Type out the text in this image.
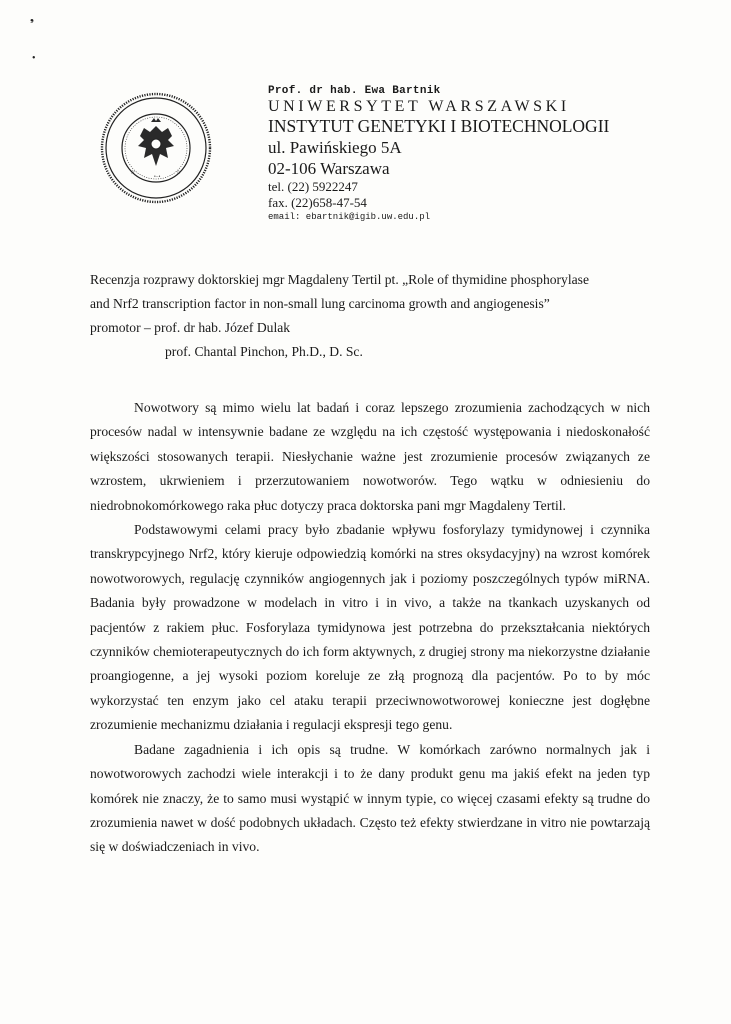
❟
•
☆	☆
•−•
Prof. dr hab. Ewa Bartnik
UNIWERSYTET WARSZAWSKI
INSTYTUT GENETYKI I BIOTECHNOLOGII
ul. Pawińskiego 5A
02-106 Warszawa
tel. (22) 5922247
fax. (22)658-47-54
email: ebartnik@igib.uw.edu.pl
Recenzja rozprawy doktorskiej mgr Magdaleny Tertil pt. „Role of thymidine phosphorylase
and Nrf2 transcription factor in non-small lung carcinoma growth and angiogenesis”
promotor – prof. dr hab. Józef Dulak
prof. Chantal Pinchon, Ph.D., D. Sc.

Nowotwory są mimo wielu lat badań i coraz lepszego zrozumienia zachodzących w nich procesów nadal w intensywnie badane ze względu na ich częstość występowania i niedoskonałość większości stosowanych terapii. Niesłychanie ważne jest zrozumienie procesów związanych ze wzrostem, ukrwieniem i przerzutowaniem nowotworów. Tego wątku w odniesieniu do niedrobnokomórkowego raka płuc dotyczy praca doktorska pani mgr Magdaleny Tertil.

Podstawowymi celami pracy było zbadanie wpływu fosforylazy tymidynowej i czynnika transkrypcyjnego Nrf2, który kieruje odpowiedzią komórki na stres oksydacyjny) na wzrost komórek nowotworowych, regulację czynników angiogennych jak i poziomy poszczególnych typów miRNA. Badania były prowadzone w modelach in vitro i in vivo, a także na tkankach uzyskanych od pacjentów z rakiem płuc. Fosforylaza tymidynowa jest potrzebna do przekształcania niektórych czynników chemioterapeutycznych do ich form aktywnych, z drugiej strony ma niekorzystne działanie proangiogenne, a jej wysoki poziom koreluje ze złą prognozą dla pacjentów. Po to by móc wykorzystać ten enzym jako cel ataku terapii przeciwnowotworowej konieczne jest dogłębne zrozumienie mechanizmu działania i regulacji ekspresji tego genu.

Badane zagadnienia i ich opis są trudne. W komórkach zarówno normalnych jak i nowotworowych zachodzi wiele interakcji i to że dany produkt genu ma jakiś efekt na jeden typ komórek nie znaczy, że to samo musi wystąpić w innym typie, co więcej czasami efekty są trudne do zrozumienia nawet w dość podobnych układach. Często też efekty stwierdzane in vitro nie powtarzają się w doświadczeniach in vivo.
